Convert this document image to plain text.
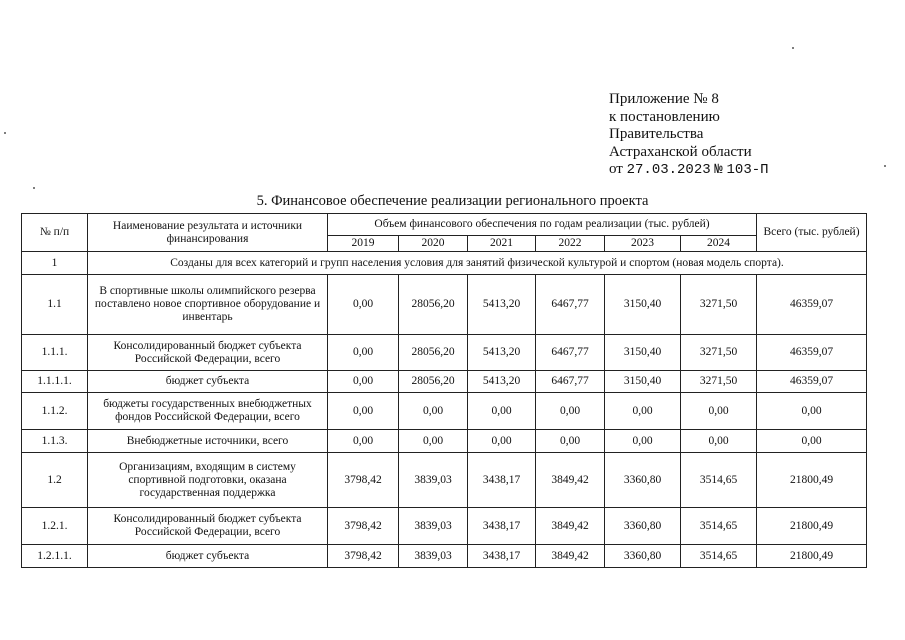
Приложение № 8
к постановлению
Правительства
Астраханской области
от 27.03.2023 № 103-П
5. Финансовое обеспечение реализации регионального проекта
№ п/п	Наименование результата и источники финансирования	Объем финансового обеспечения по годам реализации (тыс. рублей)						Всего (тыс. рублей)
		2019	2020	2021	2022	2023	2024	
1	Созданы для всех категорий и групп населения условия для занятий физической культурой и спортом (новая модель спорта).							
1.1	В спортивные школы олимпийского резерва поставлено новое спортивное оборудование и инвентарь	0,00	28056,20	5413,20	6467,77	3150,40	3271,50	46359,07
1.1.1.	Консолидированный бюджет субъекта Российской Федерации, всего	0,00	28056,20	5413,20	6467,77	3150,40	3271,50	46359,07
1.1.1.1.	бюджет субъекта	0,00	28056,20	5413,20	6467,77	3150,40	3271,50	46359,07
1.1.2.	бюджеты государственных внебюджетных фондов Российской Федерации, всего	0,00	0,00	0,00	0,00	0,00	0,00	0,00
1.1.3.	Внебюджетные источники, всего	0,00	0,00	0,00	0,00	0,00	0,00	0,00
1.2	Организациям, входящим в систему спортивной подготовки, оказана государственная поддержка	3798,42	3839,03	3438,17	3849,42	3360,80	3514,65	21800,49
1.2.1.	Консолидированный бюджет субъекта Российской Федерации, всего	3798,42	3839,03	3438,17	3849,42	3360,80	3514,65	21800,49
1.2.1.1.	бюджет субъекта	3798,42	3839,03	3438,17	3849,42	3360,80	3514,65	21800,49
